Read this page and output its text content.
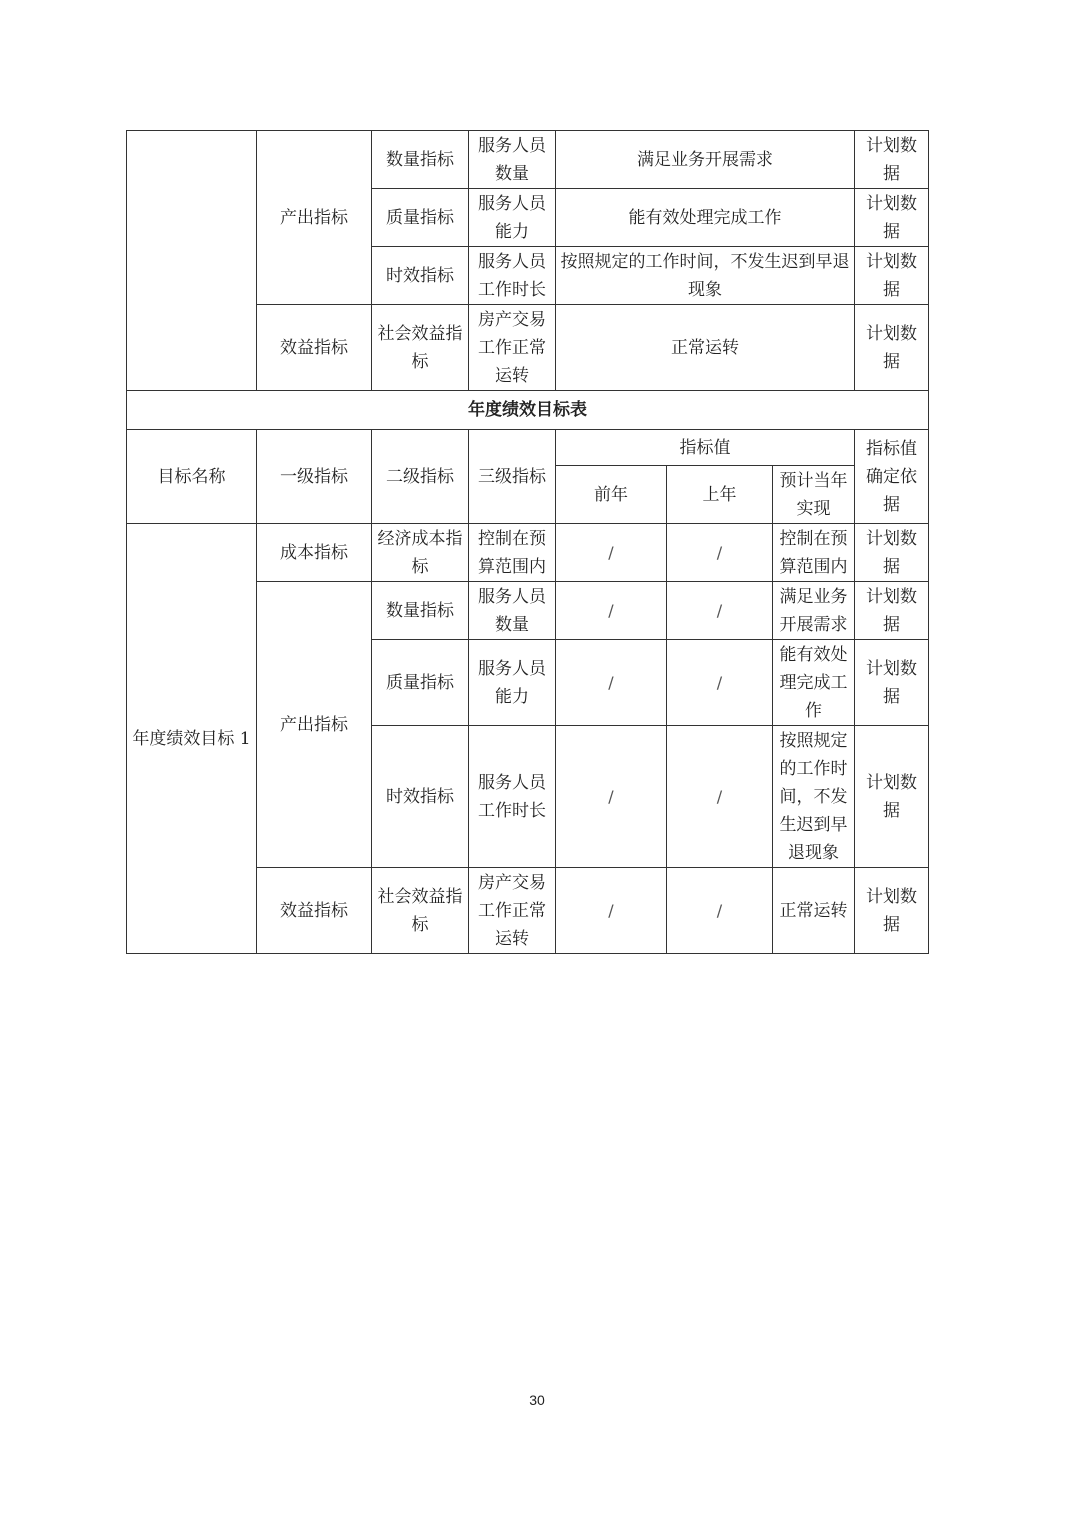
	产出指标	数量指标	服务人员数量	满足业务开展需求			计划数据
		质量指标	服务人员能力	能有效处理完成工作			计划数据
		时效指标	服务人员工作时长	按照规定的工作时间，不发生迟到早退现象			计划数据
	效益指标	社会效益指标	房产交易工作正常运转	正常运转			计划数据
年度绩效目标表							
目标名称	一级指标	二级指标	三级指标	指标值			指标值确定依据
				前年	上年	预计当年实现	
年度绩效目标 1	成本指标	经济成本指标	控制在预算范围内	/	/	控制在预算范围内	计划数据
	产出指标	数量指标	服务人员数量	/	/	满足业务开展需求	计划数据
		质量指标	服务人员能力	/	/	能有效处理完成工作	计划数据
		时效指标	服务人员工作时长	/	/	按照规定的工作时间，不发生迟到早退现象	计划数据
	效益指标	社会效益指标	房产交易工作正常运转	/	/	正常运转	计划数据
30
